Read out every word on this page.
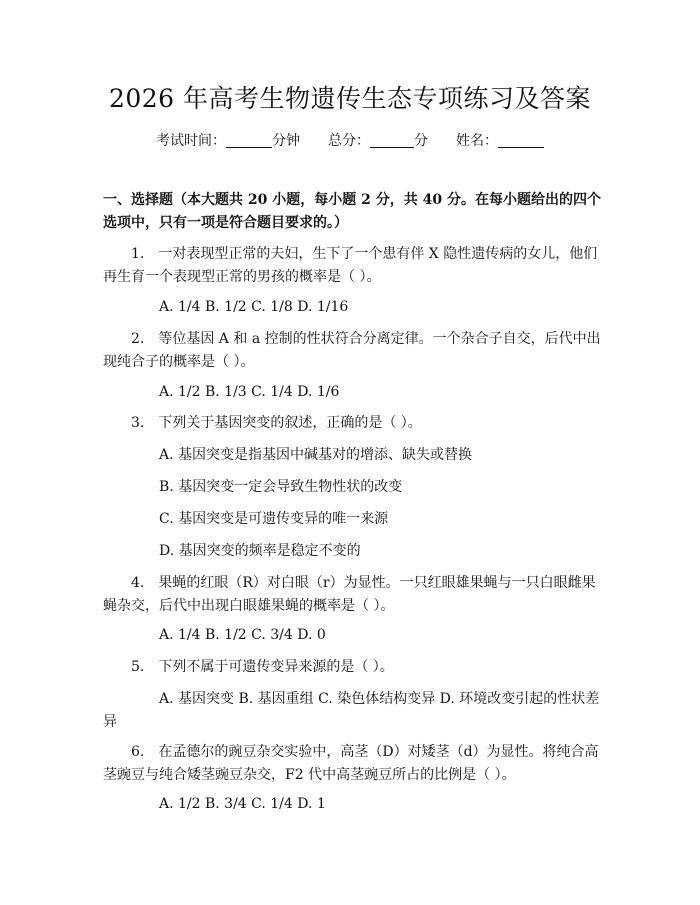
2026 年高考生物遗传生态专项练习及答案
考试时间：	分钟 总分：	分 姓名：
一、选择题（本大题共 20 小题，每小题 2 分，共 40 分。在每小题给出的四个选项中，只有一项是符合题目要求的。）
　　1.　一对表现型正常的夫妇，生下了一个患有伴 X 隐性遗传病的女儿，他们再生育一个表现型正常的男孩的概率是（ ）。
A. 1/4 B. 1/2 C. 1/8 D. 1/16
　　2.　等位基因 A 和 a 控制的性状符合分离定律。一个杂合子自交，后代中出现纯合子的概率是（ ）。
A. 1/2 B. 1/3 C. 1/4 D. 1/6
　　3.　下列关于基因突变的叙述，正确的是（ ）。
A. 基因突变是指基因中碱基对的增添、缺失或替换
B. 基因突变一定会导致生物性状的改变
C. 基因突变是可遗传变异的唯一来源
D. 基因突变的频率是稳定不变的
　　4.　果蝇的红眼（R）对白眼（r）为显性。一只红眼雄果蝇与一只白眼雌果蝇杂交，后代中出现白眼雄果蝇的概率是（ ）。
A. 1/4 B. 1/2 C. 3/4 D. 0
　　5.　下列不属于可遗传变异来源的是（ ）。
A. 基因突变 B. 基因重组 C. 染色体结构变异 D. 环境改变引起的性状差异
　　6.　在孟德尔的豌豆杂交实验中，高茎（D）对矮茎（d）为显性。将纯合高茎豌豆与纯合矮茎豌豆杂交，F2 代中高茎豌豆所占的比例是（ ）。
A. 1/2 B. 3/4 C. 1/4 D. 1
